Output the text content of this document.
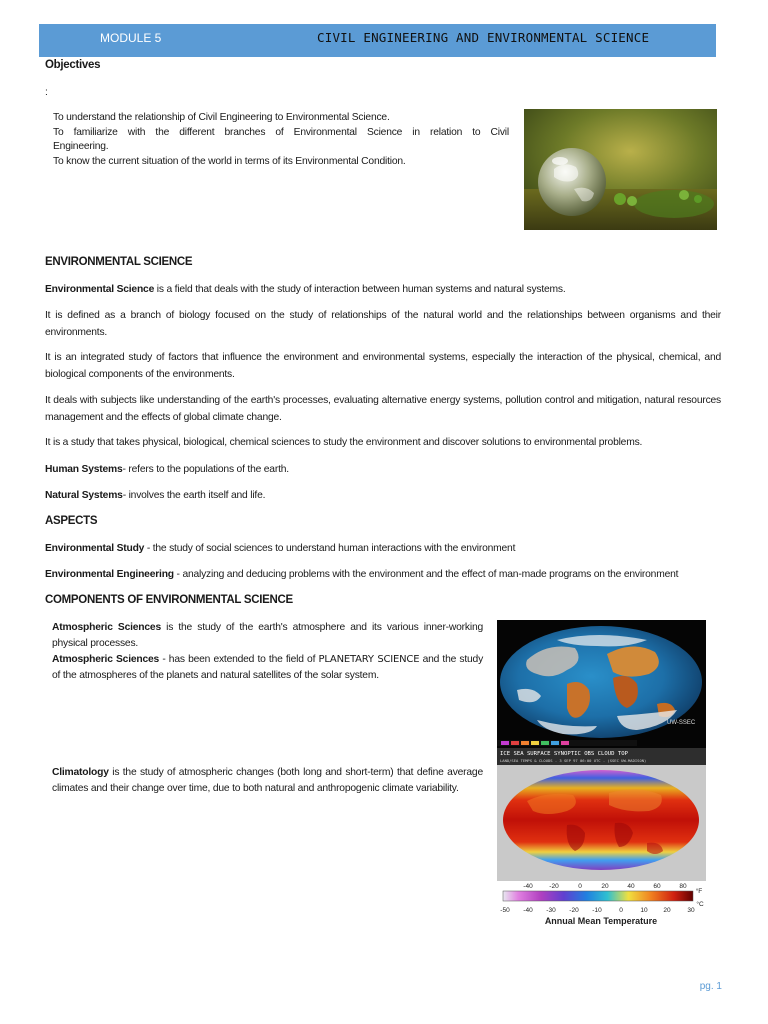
MODULE 5	CIVIL ENGINEERING AND ENVIRONMENTAL SCIENCE
Objectives
:
To understand the relationship of Civil Engineering to Environmental Science.
To familiarize with the different branches of Environmental Science in relation to Civil
Engineering.
To know the current situation of the world in terms of its Environmental Condition.
ENVIRONMENTAL SCIENCE
Environmental Science is a field that deals with the study of interaction between human systems and natural systems.
It is defined as a branch of biology focused on the study of relationships of the natural world and the relationships between organisms and their environments.
It is an integrated study of factors that influence the environment and environmental systems, especially the interaction of the physical, chemical, and biological components of the environments.
It deals with subjects like understanding of the earth's processes, evaluating alternative energy systems, pollution control and mitigation, natural resources management and the effects of global climate change.
It is a study that takes physical, biological, chemical sciences to study the environment and discover solutions to environmental problems.
Human Systems- refers to the populations of the earth.
Natural Systems- involves the earth itself and life.
ASPECTS
Environmental Study - the study of social sciences to understand human interactions with the environment
Environmental Engineering - analyzing and deducing problems with the environment and the effect of man-made programs on the environment
COMPONENTS OF ENVIRONMENTAL SCIENCE
Atmospheric Sciences is the study of the earth's atmosphere and its various inner-working physical processes.
Atmospheric Sciences - has been extended to the field of PLANETARY SCIENCE and the study of the atmospheres of the planets and natural satellites of the solar system.
Climatology is the study of atmospheric changes (both long and short-term) that define average climates and their change over time, due to both natural and anthropogenic climate variability.
UW-SSEC
ICE SEA SURFACE SYNOPTIC OBS CLOUD TOP
LAND/SEA TEMPS & CLOUDS - 3 SEP 97 06:00 UTC - (SSEC UW-MADISON)
-40	-20	0	20	40	60	80
°F
-50 -40 -30 -20 -10	0	10 20	30
°C
Annual Mean Temperature
pg. 1
